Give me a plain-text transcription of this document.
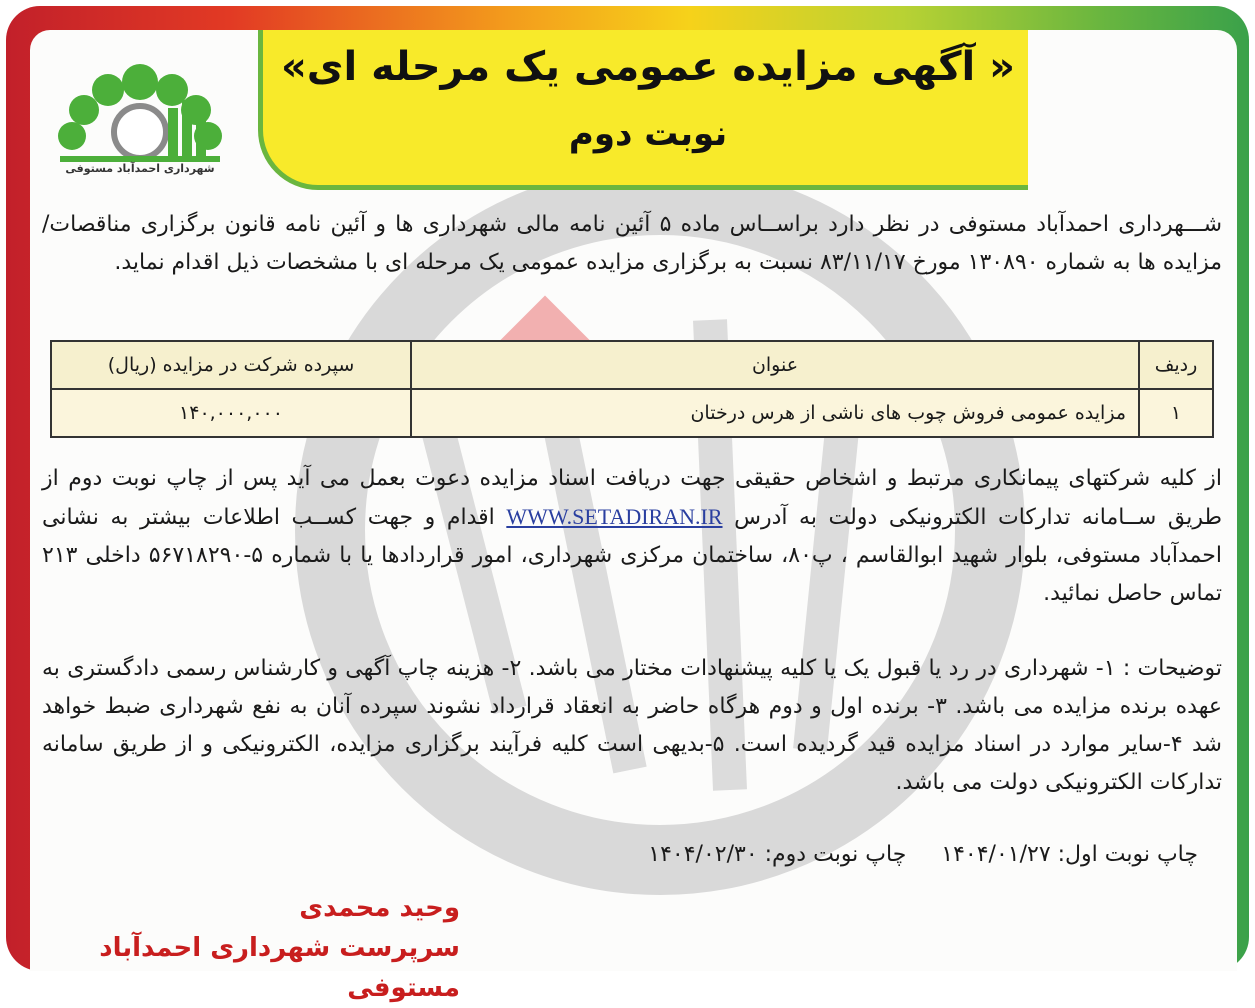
شهرداری احمدآباد مستوفی
« آگهی مزایده عمومی یک مرحله ای»
نوبت دوم
شـــهرداری احمدآباد مستوفی در نظر دارد براســاس ماده ۵ آئین نامه مالی شهرداری ها و آئین نامه قانون برگزاری مناقصات/مزایده ها به شماره ۱۳۰۸۹۰ مورخ ۸۳/۱۱/۱۷ نسبت به برگزاری مزایده عمومی یک مرحله ای با مشخصات ذیل اقدام نماید.
ردیف	عنوان	سپرده شرکت در مزایده (ریال)
۱	مزایده عمومی فروش چوب های ناشی از هرس درختان	۱۴۰,۰۰۰,۰۰۰
از کلیه شرکتهای پیمانکاری مرتبط و اشخاص حقیقی جهت دریافت اسناد مزایده دعوت بعمل می آید پس از چاپ نوبت دوم از طریق ســامانه تدارکات الکترونیکی دولت به آدرس WWW.SETADIRAN.IR اقدام و جهت کســب اطلاعات بیشتر به نشانی احمدآباد مستوفی، بلوار شهید ابوالقاسم ، پ۸۰، ساختمان مرکزی شهرداری، امور قراردادها یا با شماره ۵-۵۶۷۱۸۲۹۰ داخلی ۲۱۳ تماس حاصل نمائید.
توضیحات : ۱- شهرداری در رد یا قبول یک یا کلیه پیشنهادات مختار می باشد. ۲- هزینه چاپ آگهی و کارشناس رسمی دادگستری به عهده برنده مزایده می باشد. ۳- برنده اول و دوم هرگاه حاضر به انعقاد قرارداد نشوند سپرده آنان به نفع شهرداری ضبط خواهد شد ۴-سایر موارد در اسناد مزایده قید گردیده است. ۵-بدیهی است کلیه فرآیند برگزاری مزایده، الکترونیکی و از طریق سامانه تدارکات الکترونیکی دولت می باشد.
چاپ نوبت اول: ۱۴۰۴/۰۱/۲۷     چاپ نوبت دوم: ۱۴۰۴/۰۲/۳۰
وحید محمدی
سرپرست شهرداری احمدآباد مستوفی
